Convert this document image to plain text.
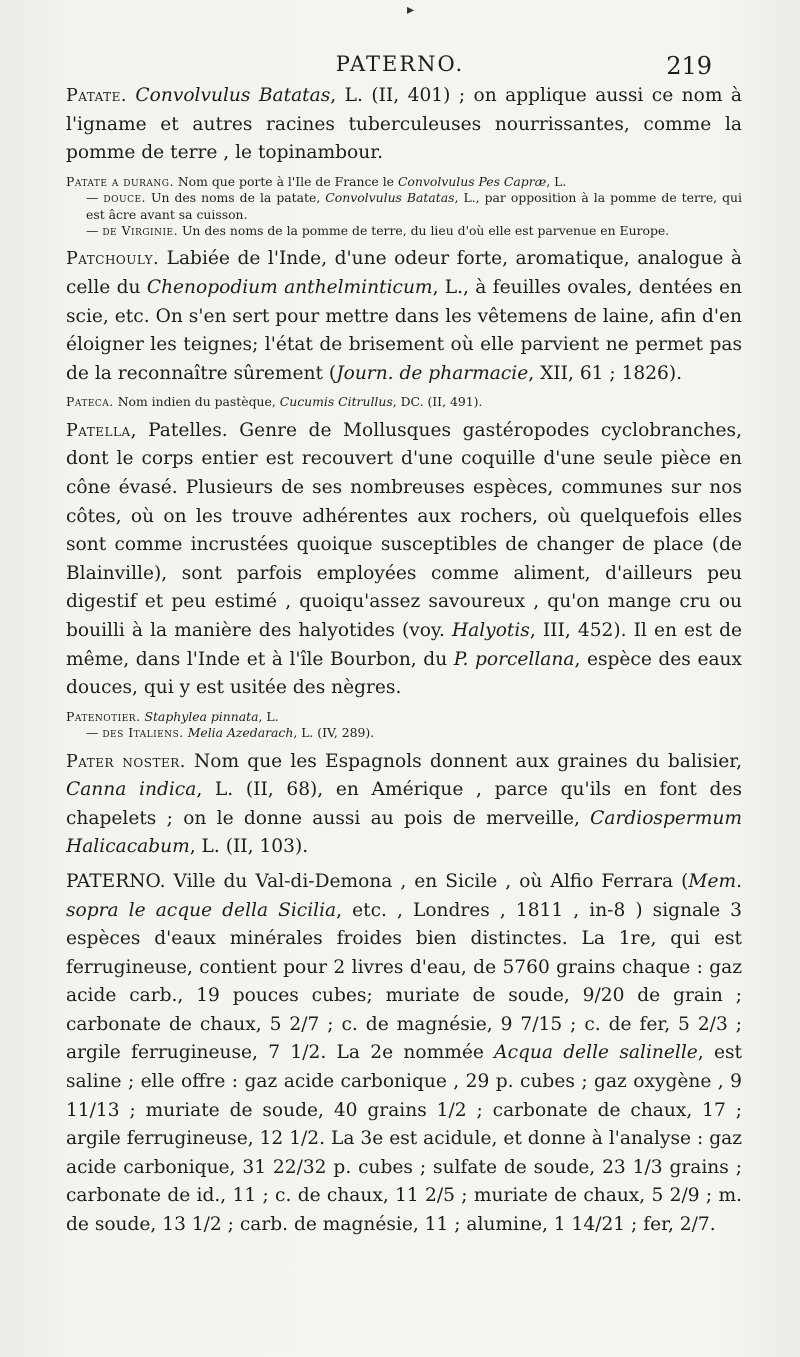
▸
PATERNO.	219

Patate. Convolvulus Batatas, L. (II, 401) ; on applique aussi ce nom à l'igname et autres racines tuberculeuses nourrissantes, comme la pomme de terre , le topinambour.

Patate a durang. Nom que porte à l'Ile de France le Convolvulus Pes Capræ, L.

— douce. Un des noms de la patate, Convolvulus Batatas, L., par opposition à la pomme de terre, qui est âcre avant sa cuisson.

— de Virginie. Un des noms de la pomme de terre, du lieu d'où elle est parvenue en Europe.

Patchouly. Labiée de l'Inde, d'une odeur forte, aromatique, analogue à celle du Chenopodium anthelminticum, L., à feuilles ovales, dentées en scie, etc. On s'en sert pour mettre dans les vêtemens de laine, afin d'en éloigner les teignes; l'état de brisement où elle parvient ne permet pas de la reconnaître sûrement (Journ. de pharmacie, XII, 61 ; 1826).

Pateca. Nom indien du pastèque, Cucumis Citrullus, DC. (II, 491).

Patella, Patelles. Genre de Mollusques gastéropodes cyclobranches, dont le corps entier est recouvert d'une coquille d'une seule pièce en cône évasé. Plusieurs de ses nombreuses espèces, communes sur nos côtes, où on les trouve adhérentes aux rochers, où quelquefois elles sont comme incrustées quoique susceptibles de changer de place (de Blainville), sont parfois employées comme aliment, d'ailleurs peu digestif et peu estimé , quoiqu'assez savoureux , qu'on mange cru ou bouilli à la manière des halyotides (voy. Halyotis, III, 452). Il en est de même, dans l'Inde et à l'île Bourbon, du P. porcellana, espèce des eaux douces, qui y est usitée des nègres.

Patenotier. Staphylea pinnata, L.

— des Italiens. Melia Azedarach, L. (IV, 289).

Pater noster. Nom que les Espagnols donnent aux graines du balisier, Canna indica, L. (II, 68), en Amérique , parce qu'ils en font des chapelets ; on le donne aussi au pois de merveille, Cardiospermum Halicacabum, L. (II, 103).

PATERNO. Ville du Val-di-Demona , en Sicile , où Alfio Ferrara (Mem. sopra le acque della Sicilia, etc. , Londres , 1811 , in-8 ) signale 3 espèces d'eaux minérales froides bien distinctes. La 1re, qui est ferrugineuse, contient pour 2 livres d'eau, de 5760 grains chaque : gaz acide carb., 19 pouces cubes; muriate de soude, 9/20 de grain ; carbonate de chaux, 5 2/7 ; c. de magnésie, 9 7/15 ; c. de fer, 5 2/3 ; argile ferrugineuse, 7 1/2. La 2e nommée Acqua delle salinelle, est saline ; elle offre : gaz acide carbonique , 29 p. cubes ; gaz oxygène , 9 11/13 ; muriate de soude, 40 grains 1/2 ; carbonate de chaux, 17 ; argile ferrugineuse, 12 1/2. La 3e est acidule, et donne à l'analyse : gaz acide carbonique, 31 22/32 p. cubes ; sulfate de soude, 23 1/3 grains ; carbonate de id., 11 ; c. de chaux, 11 2/5 ; muriate de chaux, 5 2/9 ; m. de soude, 13 1/2 ; carb. de magnésie, 11 ; alumine, 1 14/21 ; fer, 2/7.
